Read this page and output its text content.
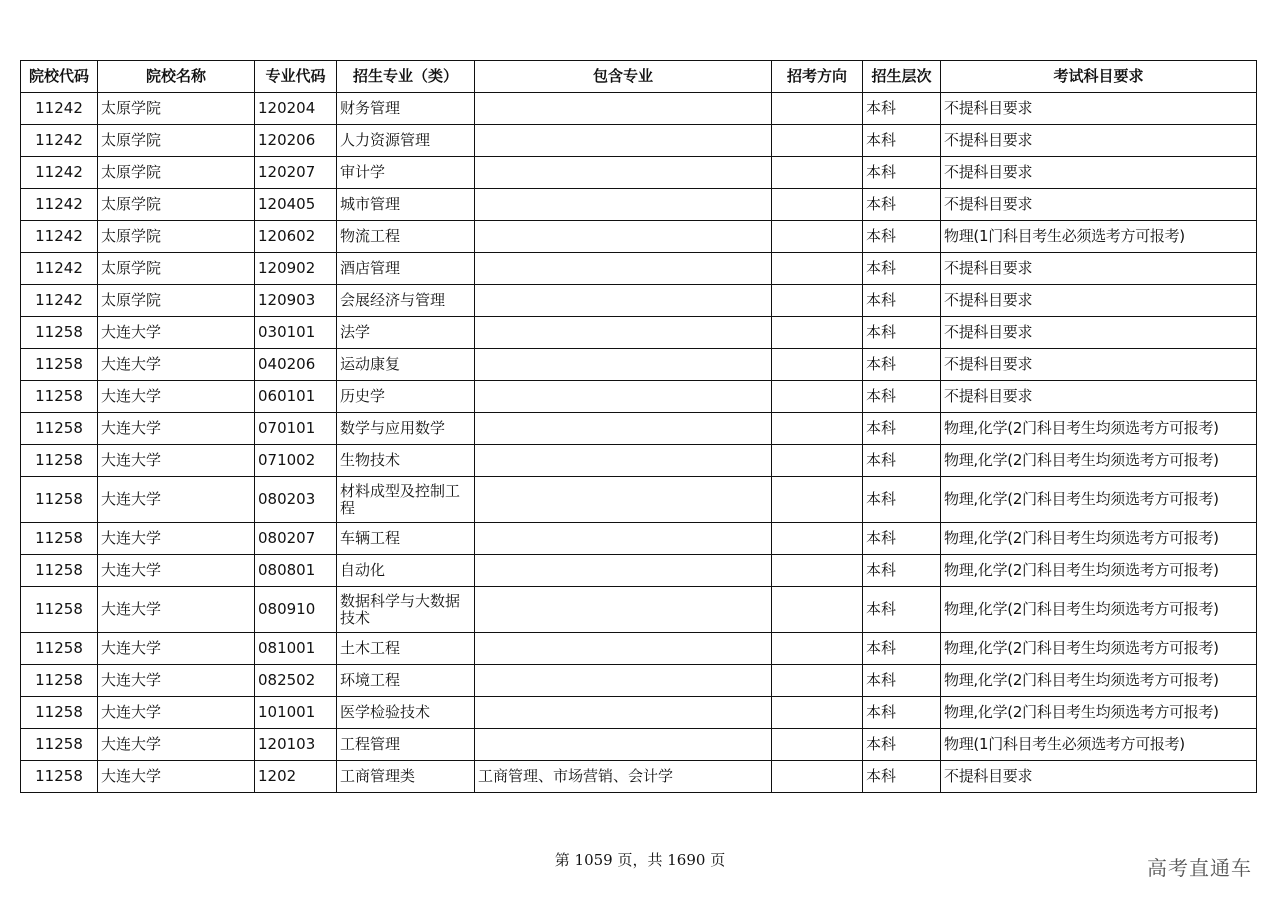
院校代码	院校名称	专业代码	招生专业（类）	包含专业	招考方向	招生层次	考试科目要求
11242	太原学院	120204	财务管理			本科	不提科目要求
11242	太原学院	120206	人力资源管理			本科	不提科目要求
11242	太原学院	120207	审计学			本科	不提科目要求
11242	太原学院	120405	城市管理			本科	不提科目要求
11242	太原学院	120602	物流工程			本科	物理(1门科目考生必须选考方可报考)
11242	太原学院	120902	酒店管理			本科	不提科目要求
11242	太原学院	120903	会展经济与管理			本科	不提科目要求
11258	大连大学	030101	法学			本科	不提科目要求
11258	大连大学	040206	运动康复			本科	不提科目要求
11258	大连大学	060101	历史学			本科	不提科目要求
11258	大连大学	070101	数学与应用数学			本科	物理,化学(2门科目考生均须选考方可报考)
11258	大连大学	071002	生物技术			本科	物理,化学(2门科目考生均须选考方可报考)
11258	大连大学	080203	材料成型及控制工程			本科	物理,化学(2门科目考生均须选考方可报考)
11258	大连大学	080207	车辆工程			本科	物理,化学(2门科目考生均须选考方可报考)
11258	大连大学	080801	自动化			本科	物理,化学(2门科目考生均须选考方可报考)
11258	大连大学	080910	数据科学与大数据技术			本科	物理,化学(2门科目考生均须选考方可报考)
11258	大连大学	081001	土木工程			本科	物理,化学(2门科目考生均须选考方可报考)
11258	大连大学	082502	环境工程			本科	物理,化学(2门科目考生均须选考方可报考)
11258	大连大学	101001	医学检验技术			本科	物理,化学(2门科目考生均须选考方可报考)
11258	大连大学	120103	工程管理			本科	物理(1门科目考生必须选考方可报考)
11258	大连大学	1202	工商管理类	工商管理、市场营销、会计学		本科	不提科目要求
第 1059 页，共 1690 页	高考直通车
